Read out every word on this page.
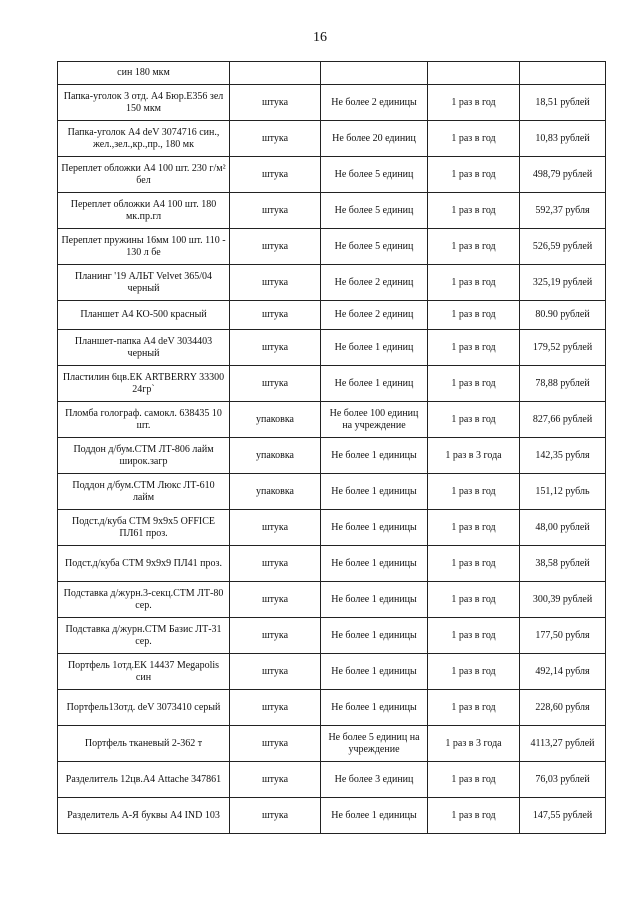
16
син 180 мкм				
Папка-уголок 3 отд. А4 Бюр.Е356 зел 150 мкм	штука	Не более 2 единицы	1 раз в год	18,51 рублей
Папка-уголок А4 deV 3074716 син., жел.,зел.,кр.,пр., 180 мк	штука	Не более 20 единиц	1 раз в год	10,83 рублей
Переплет обложки А4 100 шт. 230 г/м² бел	штука	Не более 5 единиц	1 раз в год	498,79 рублей
Переплет обложки А4 100 шт. 180 мк.пр.гл	штука	Не более 5 единиц	1 раз в год	592,37 рубля
Переплет пружины 16мм 100 шт. 110 - 130 л бе	штука	Не более 5 единиц	1 раз в год	526,59 рублей
Планинг '19 АЛЬТ Velvet 365/04 черный	штука	Не более 2 единиц	1 раз в год	325,19 рублей
Планшет А4 КО-500 красный	штука	Не более 2 единиц	1 раз в год	80.90 рублей
Планшет-папка А4 deV 3034403 черный	штука	Не более 1 единиц	1 раз в год	179,52 рублей
Пластилин 6цв.ЕК ARTBERRY 33300 24гр`	штука	Не более 1 единиц	1 раз в год	78,88 рублей
Пломба голограф. самокл. 638435 10 шт.	упаковка	Не более 100 единиц на учреждение	1 раз в год	827,66 рублей
Поддон д/бум.СТМ ЛТ-806 лайм широк.загр	упаковка	Не более 1 единицы	1 раз в 3 года	142,35 рубля
Поддон д/бум.СТМ Люкс ЛТ-610 лайм	упаковка	Не более 1 единицы	1 раз в год	151,12 рубль
Подст.д/куба СТМ 9х9х5 OFFICE ПЛ61 проз.	штука	Не более 1 единицы	1 раз в год	48,00 рублей
Подст.д/куба СТМ 9х9х9 ПЛ41 проз.	штука	Не более 1 единицы	1 раз в год	38,58 рублей
Подставка д/журн.3-секц.СТМ ЛТ-80 сер.	штука	Не более 1 единицы	1 раз в год	300,39 рублей
Подставка д/журн.СТМ Базис ЛТ-31 сер.	штука	Не более 1 единицы	1 раз в год	177,50 рубля
Портфель 1отд.ЕК 14437 Megapolis син	штука	Не более 1 единицы	1 раз в год	492,14 рубля
Портфель13отд. deV 3073410 серый	штука	Не более 1 единицы	1 раз в год	228,60 рубля
Портфель тканевый 2-362 т	штука	Не более 5 единиц на учреждение	1 раз в 3 года	4113,27 рублей
Разделитель 12цв.А4 Attache 347861	штука	Не более 3 единиц	1 раз в год	76,03 рублей
Разделитель А-Я буквы А4 IND 103	штука	Не более 1 единицы	1 раз в год	147,55 рублей
